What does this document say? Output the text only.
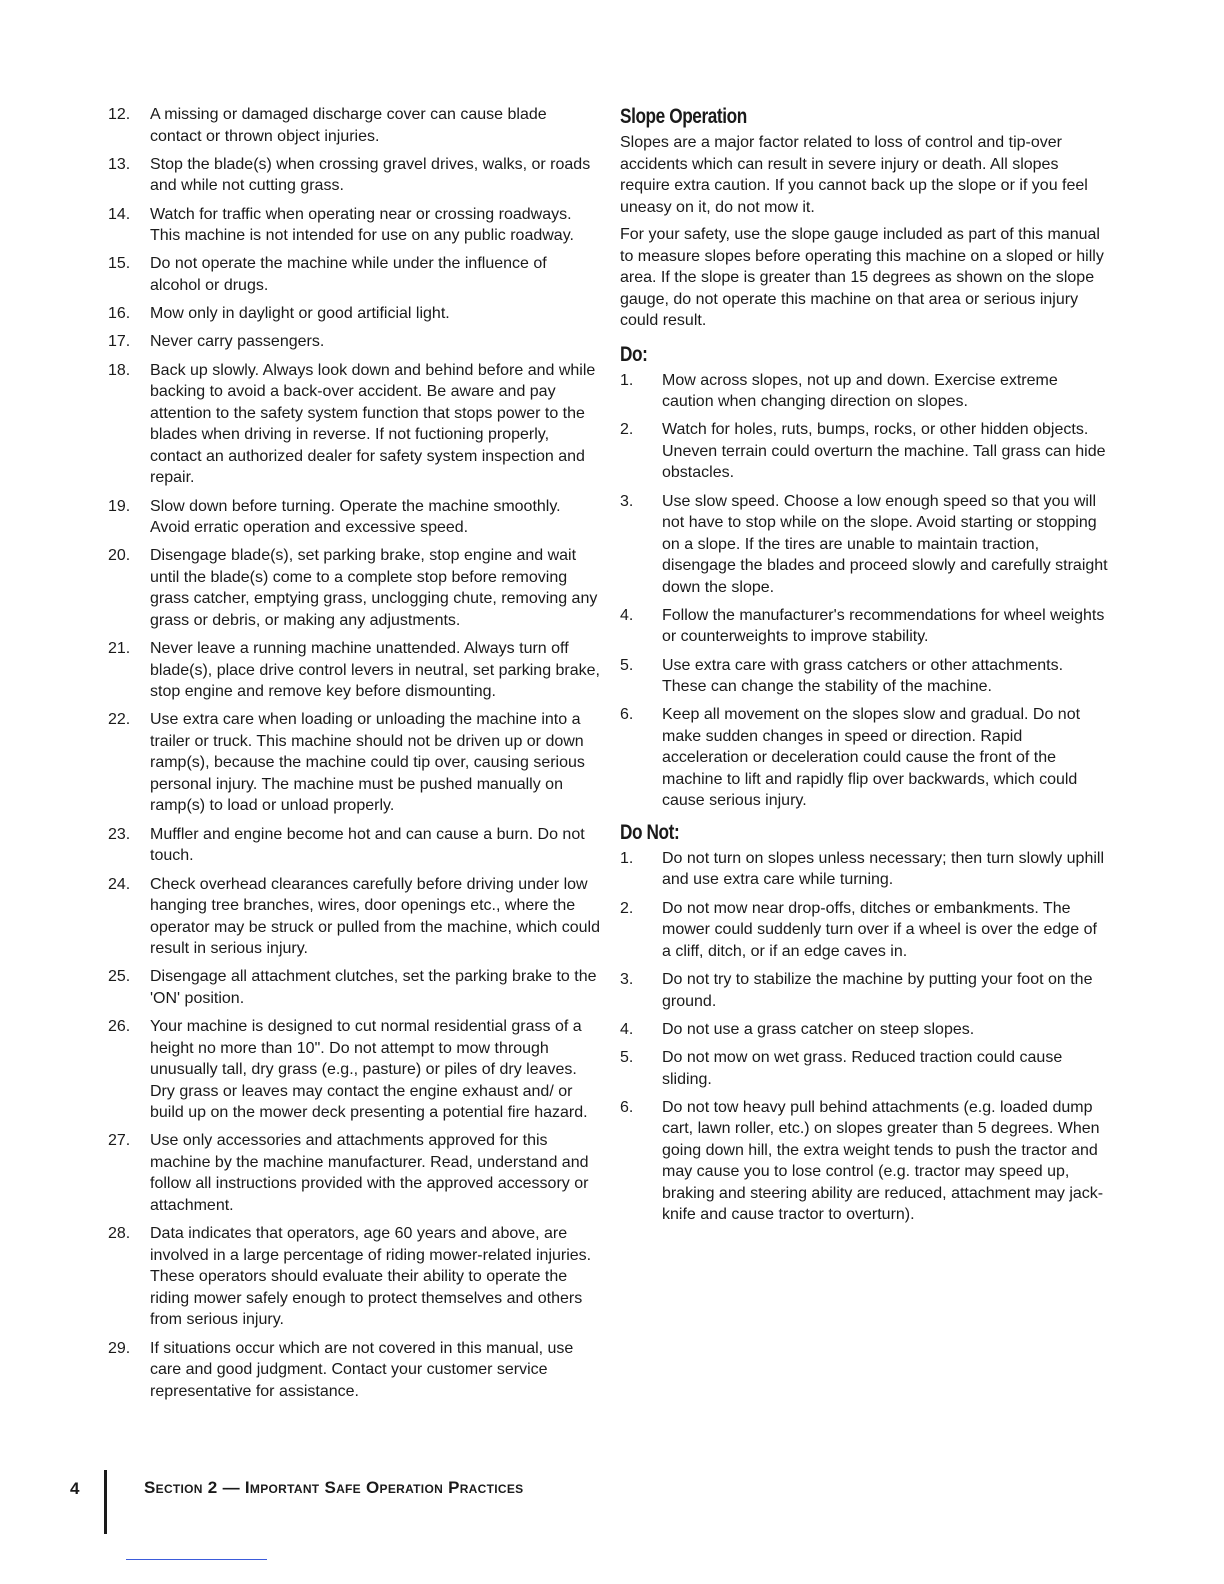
12.	A missing or damaged discharge cover can cause blade contact or thrown object injuries.
13.	Stop the blade(s) when crossing gravel drives, walks, or roads and while not cutting grass.
14.	Watch for traffic when operating near or crossing roadways. This machine is not intended for use on any public roadway.
15.	Do not operate the machine while under the influence of alcohol or drugs.
16.	Mow only in daylight or good artificial light.
17.	Never carry passengers.
18.	Back up slowly. Always look down and behind before and while backing to avoid a back-over accident. Be aware and pay attention to the safety system function that stops power to the blades when driving in reverse. If not fuctioning properly, contact an authorized dealer for safety system inspection and repair.
19.	Slow down before turning. Operate the machine smoothly. Avoid erratic operation and excessive speed.
20.	Disengage blade(s), set parking brake, stop engine and wait until the blade(s) come to a complete stop before removing grass catcher, emptying grass, unclogging chute, removing any grass or debris, or making any adjustments.
21.	Never leave a running machine unattended. Always turn off blade(s), place drive control levers in neutral, set parking brake, stop engine and remove key before dismounting.
22.	Use extra care when loading or unloading the machine into a trailer or truck. This machine should not be driven up or down ramp(s), because the machine could tip over, causing serious personal injury. The machine must be pushed manually on ramp(s) to load or unload properly.
23.	Muffler and engine become hot and can cause a burn. Do not touch.
24.	Check overhead clearances carefully before driving under low hanging tree branches, wires, door openings etc., where the operator may be struck or pulled from the machine, which could result in serious injury.
25.	Disengage all attachment clutches, set the parking brake to the 'ON' position.
26.	Your machine is designed to cut normal residential grass of a height no more than 10". Do not attempt to mow through unusually tall, dry grass (e.g., pasture) or piles of dry leaves. Dry grass or leaves may contact the engine exhaust and/ or build up on the mower deck presenting a potential fire hazard.
27.	Use only accessories and attachments approved for this machine by the machine manufacturer. Read, understand and follow all instructions provided with the approved accessory or attachment.
28.	Data indicates that operators, age 60 years and above, are involved in a large percentage of riding mower-related injuries. These operators should evaluate their ability to operate the riding mower safely enough to protect themselves and others from serious injury.
29.	If situations occur which are not covered in this manual, use care and good judgment. Contact your customer service representative for assistance.
Slope Operation

Slopes are a major factor related to loss of control and tip-over accidents which can result in severe injury or death. All slopes require extra caution. If you cannot back up the slope or if you feel uneasy on it, do not mow it.

For your safety, use the slope gauge included as part of this manual to measure slopes before operating this machine on a sloped or hilly area. If the slope is greater than 15 degrees as shown on the slope gauge, do not operate this machine on that area or serious injury could result.

Do:
1.	Mow across slopes, not up and down. Exercise extreme caution when changing direction on slopes.
2.	Watch for holes, ruts, bumps, rocks, or other hidden objects. Uneven terrain could overturn the machine. Tall grass can hide obstacles.
3.	Use slow speed. Choose a low enough speed so that you will not have to stop while on the slope. Avoid starting or stopping on a slope. If the tires are unable to maintain traction, disengage the blades and proceed slowly and carefully straight down the slope.
4.	Follow the manufacturer's recommendations for wheel weights or counterweights to improve stability.
5.	Use extra care with grass catchers or other attachments. These can change the stability of the machine.
6.	Keep all movement on the slopes slow and gradual. Do not make sudden changes in speed or direction. Rapid acceleration or deceleration could cause the front of the machine to lift and rapidly flip over backwards, which could cause serious injury.
Do Not:
1.	Do not turn on slopes unless necessary; then turn slowly uphill and use extra care while turning.
2.	Do not mow near drop-offs, ditches or embankments. The mower could suddenly turn over if a wheel is over the edge of a cliff, ditch, or if an edge caves in.
3.	Do not try to stabilize the machine by putting your foot on the ground.
4.	Do not use a grass catcher on steep slopes.
5.	Do not mow on wet grass. Reduced traction could cause sliding.
6.	Do not tow heavy pull behind attachments (e.g. loaded dump cart, lawn roller, etc.) on slopes greater than 5 degrees. When going down hill, the extra weight tends to push the tractor and may cause you to lose control (e.g. tractor may speed up, braking and steering ability are reduced, attachment may jack-knife and cause tractor to overturn).
4	Section 2 — Important Safe Operation Practices
